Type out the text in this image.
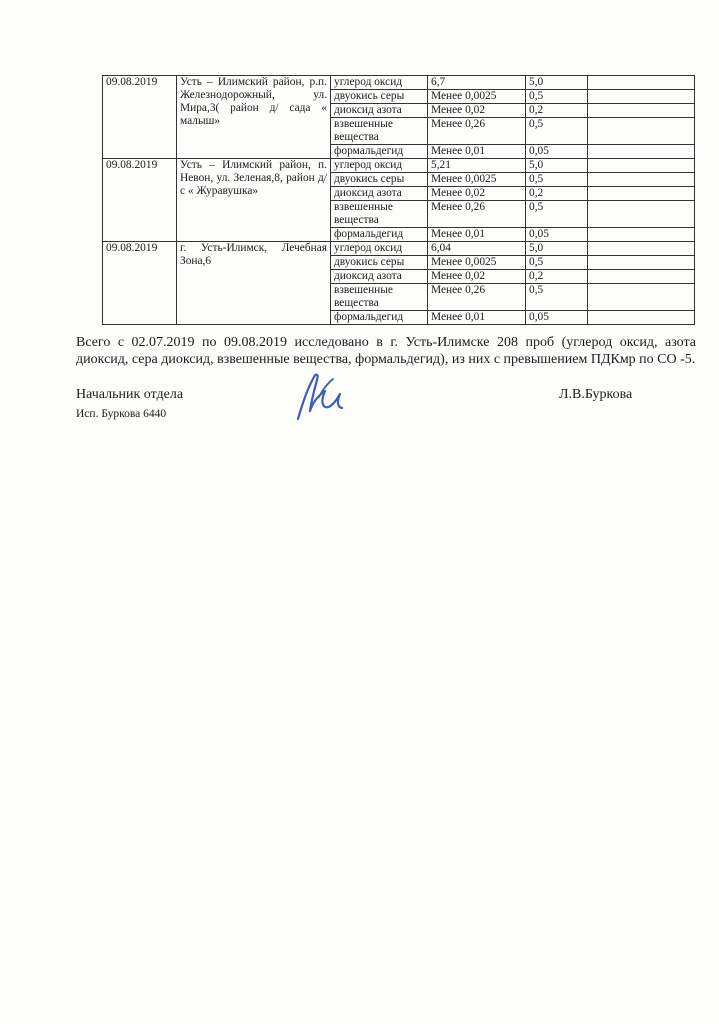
09.08.2019	Усть – Илимский район, р.п. Железнодорожный, ул. Мира,3( район д/ сада « малыш»	углерод оксид	6,7	5,0	
		двуокись серы	Менее 0,0025	0,5	
		диоксид азота	Менее 0,02	0,2	
		взвешенные вещества	Менее 0,26	0,5	
		формальдегид	Менее 0,01	0,05	
09.08.2019	Усть – Илимский район, п. Невон, ул. Зеленая,8, район д/с « Журавушка»	углерод оксид	5,21	5,0	
		двуокись серы	Менее 0,0025	0,5	
		диоксид азота	Менее 0,02	0,2	
		взвешенные вещества	Менее 0,26	0,5	
		формальдегид	Менее 0,01	0,05	
09.08.2019	г. Усть-Илимск, Лечебная Зона,6	углерод оксид	6,04	5,0	
		двуокись серы	Менее 0,0025	0,5	
		диоксид азота	Менее 0,02	0,2	
		взвешенные вещества	Менее 0,26	0,5	
		формальдегид	Менее 0,01	0,05	

Всего с 02.07.2019 по 09.08.2019 исследовано в г. Усть-Илимске 208 проб (углерод оксид, азота диоксид, сера диоксид, взвешенные вещества, формальдегид), из них с превышением ПДКмр по СО -5.

Начальник отдела	Л.В.Буркова
Исп. Буркова 6440
